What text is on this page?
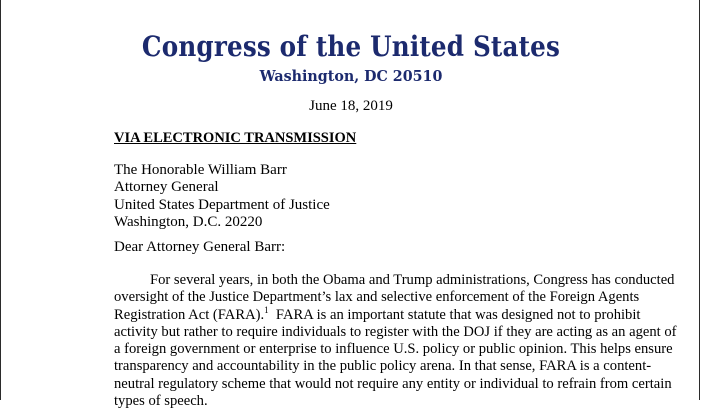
Congress of the United States
Washington, DC 20510
June 18, 2019
VIA ELECTRONIC TRANSMISSION
The Honorable William Barr
Attorney General
United States Department of Justice
Washington, D.C. 20220
Dear Attorney General Barr:
For several years, in both the Obama and Trump administrations, Congress has conducted
oversight of the Justice Department’s lax and selective enforcement of the Foreign Agents
Registration Act (FARA).$^1$  FARA is an important statute that was designed not to prohibit
activity but rather to require individuals to register with the DOJ if they are acting as an agent of
a foreign government or enterprise to influence U.S. policy or public opinion. This helps ensure
transparency and accountability in the public policy arena. In that sense, FARA is a content-
neutral regulatory scheme that would not require any entity or individual to refrain from certain
types of speech.
